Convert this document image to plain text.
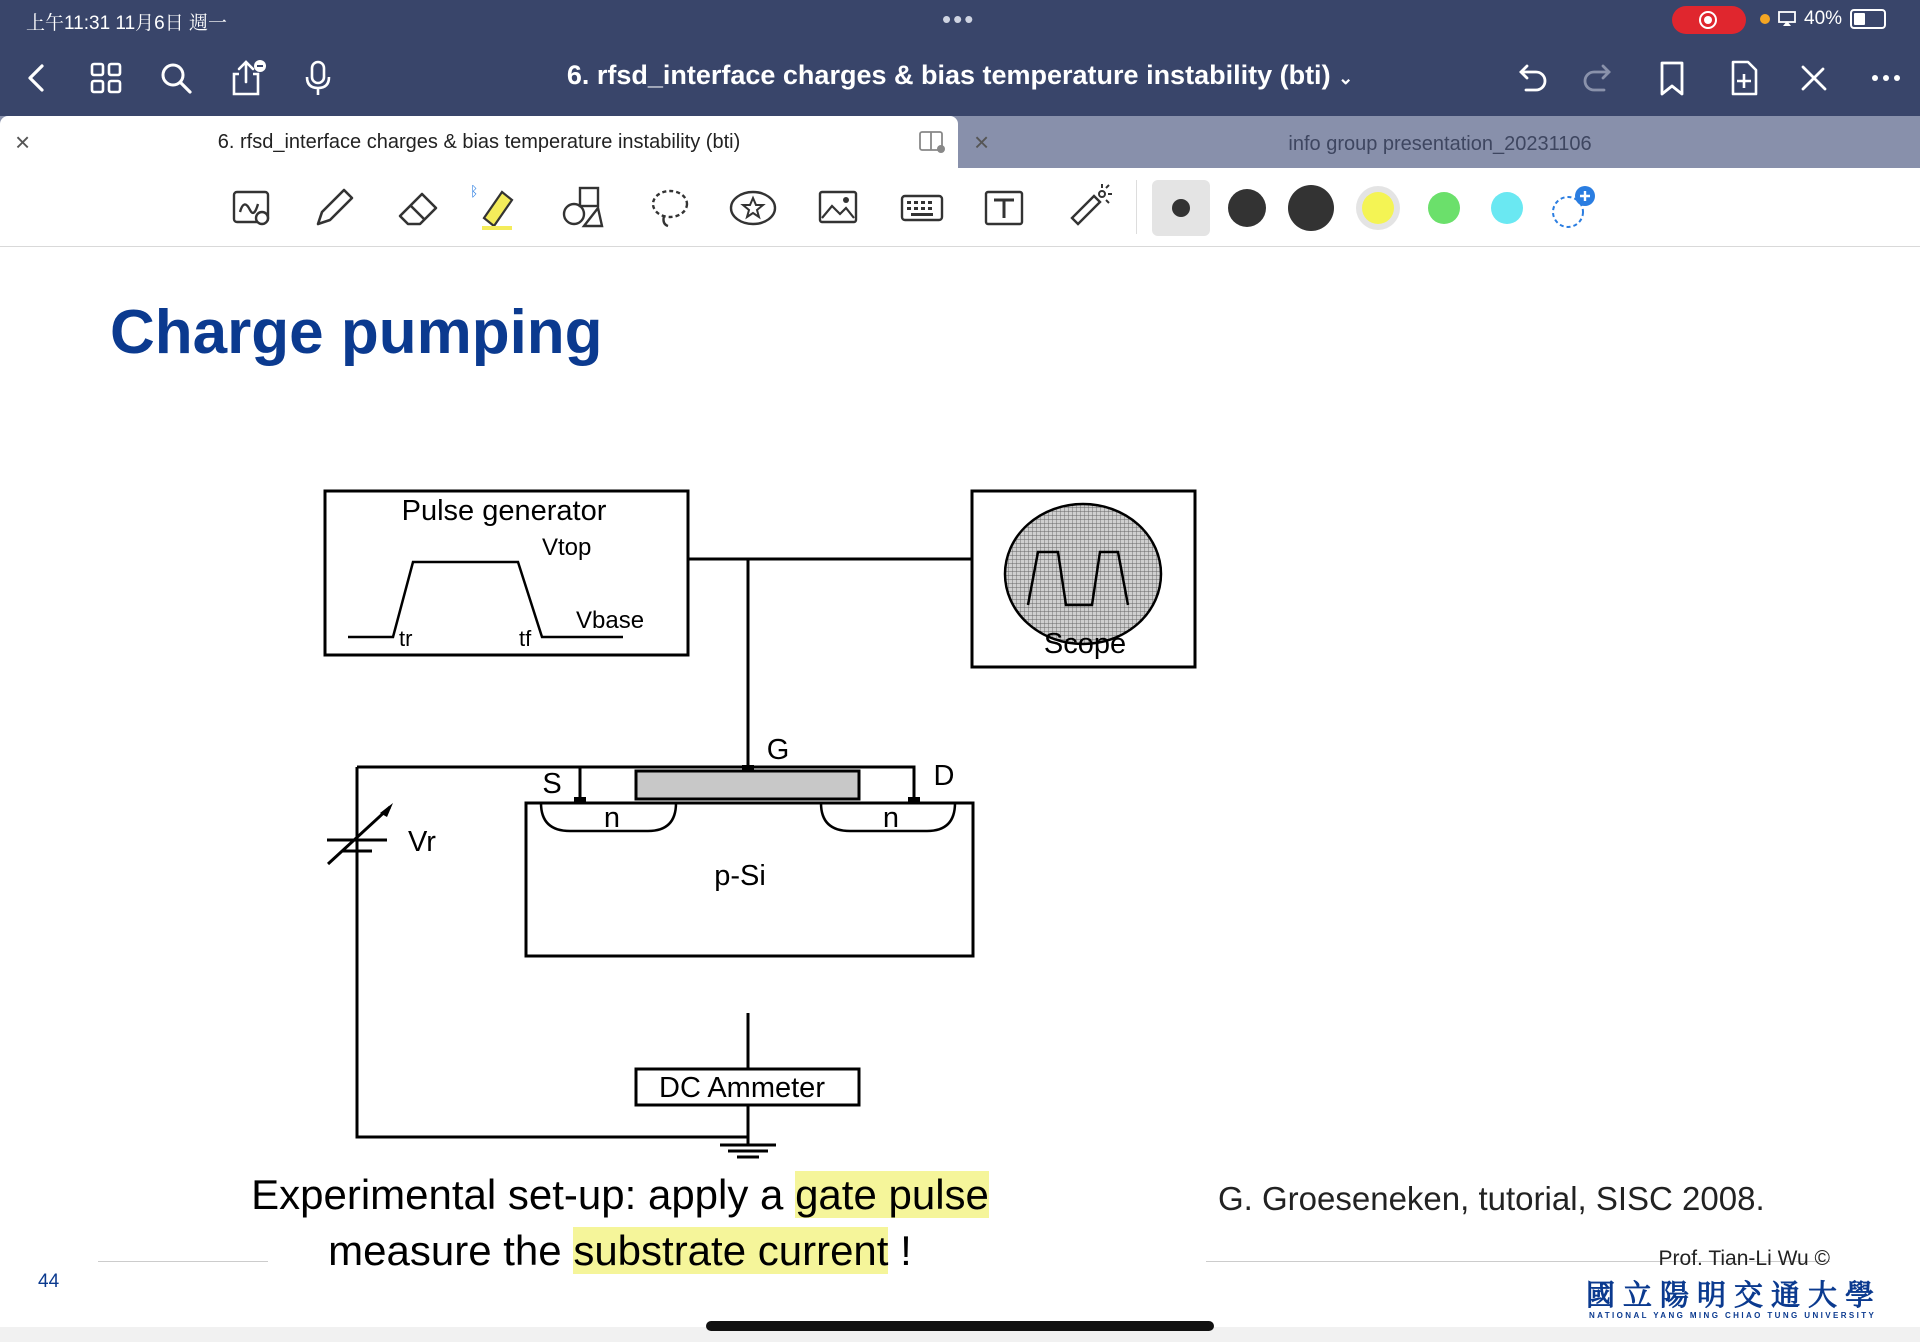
上午11:31 11月6日 週一	•••	40%
6. rfsd_interface charges & bias temperature instability (bti) ⌄
×	6. rfsd_interface charges & bias temperature instability (bti)	×	info group presentation_20231106
ᛒ
Charge pumping
Pulse generator
Vtop
Vbase
tr	tf	Scope
G
S	D
n	n
p-Si
Vr
DC Ammeter
Experimental set-up: apply a gate pulse
measure the substrate current !
G. Groeseneken, tutorial, SISC 2008.
44
Prof. Tian-Li Wu ©
國立陽明交通大學
NATIONAL YANG MING CHIAO TUNG UNIVERSITY
